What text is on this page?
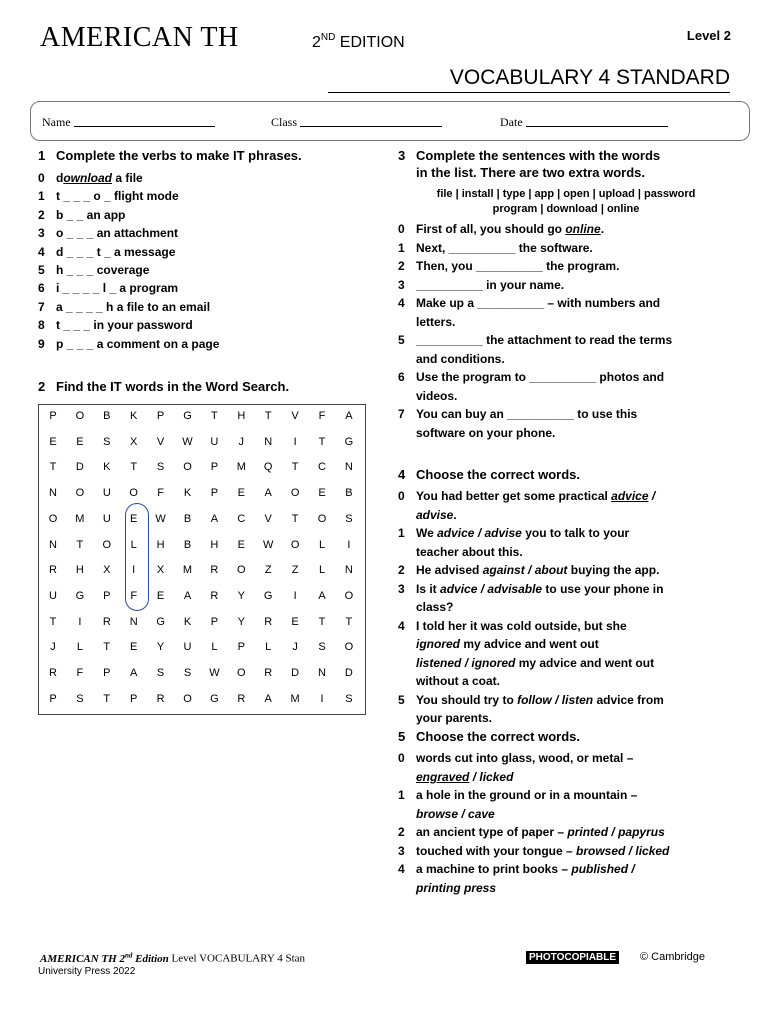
AMERICAN TH	2ND EDITION	Level 2
VOCABULARY 4 STANDARD
Name	Class	Date
1 Complete the verbs to make IT phrases.
0 download a file
1 t _ _ _ o _ flight mode
2 b _ _ an app
3 o _ _ _ an attachment
4 d _ _ _ t _ a message
5 h _ _ _ coverage
6 i _ _ _ _ l _ a program
7 a _ _ _ _ h a file to an email
8 t _ _ _ in your password
9 p _ _ _ a comment on a page
2 Find the IT words in the Word Search.
P	O	B	K	P	G	T	H	T	V	F	A
E	E	S	X	V	W	U	J	N	I	T	G
T	D	K	T	S	O	P	M	Q	T	C	N
N	O	U	O	F	K	P	E	A	O	E	B
O	M	U	E	W	B	A	C	V	T	O	S
N	T	O	L	H	B	H	E	W	O	L	I
R	H	X	I	X	M	R	O	Z	Z	L	N
U	G	P	F	E	A	R	Y	G	I	A	O
T	I	R	N	G	K	P	Y	R	E	T	T
J	L	T	E	Y	U	L	P	L	J	S	O
R	F	P	A	S	S	W	O	R	D	N	D
P	S	T	P	R	O	G	R	A	M	I	S
3 Complete the sentences with the words
in the list. There are two extra words.
file | install | type | app | open | upload | password
program | download | online
0 First of all, you should go online.
1 Next, __________ the software.
2 Then, you __________ the program.
3 __________ in your name.
4 Make up a __________ – with numbers and
letters.
5 __________ the attachment to read the terms
and conditions.
6 Use the program to __________ photos and
videos.
7 You can buy an __________ to use this
software on your phone.
4 Choose the correct words.
0 You had better get some practical advice /
advise.
1 We advice / advise you to talk to your
teacher about this.
2 He advised against / about buying the app.
3 Is it advice / advisable to use your phone in
class?
4 I told her it was cold outside, but she
ignored my advice and went out
listened / ignored my advice and went out
without a coat.
5 You should try to follow / listen advice from
your parents.
5 Choose the correct words.
0 words cut into glass, wood, or metal –
engraved / licked
1 a hole in the ground or in a mountain –
browse / cave
2 an ancient type of paper – printed / papyrus
3 touched with your tongue – browsed / licked
4 a machine to print books – published /
printing press
AMERICAN TH 2nd Edition Level VOCABULARY 4 Stan
University Press 2022
PHOTOCOPIABLE © Cambridge
